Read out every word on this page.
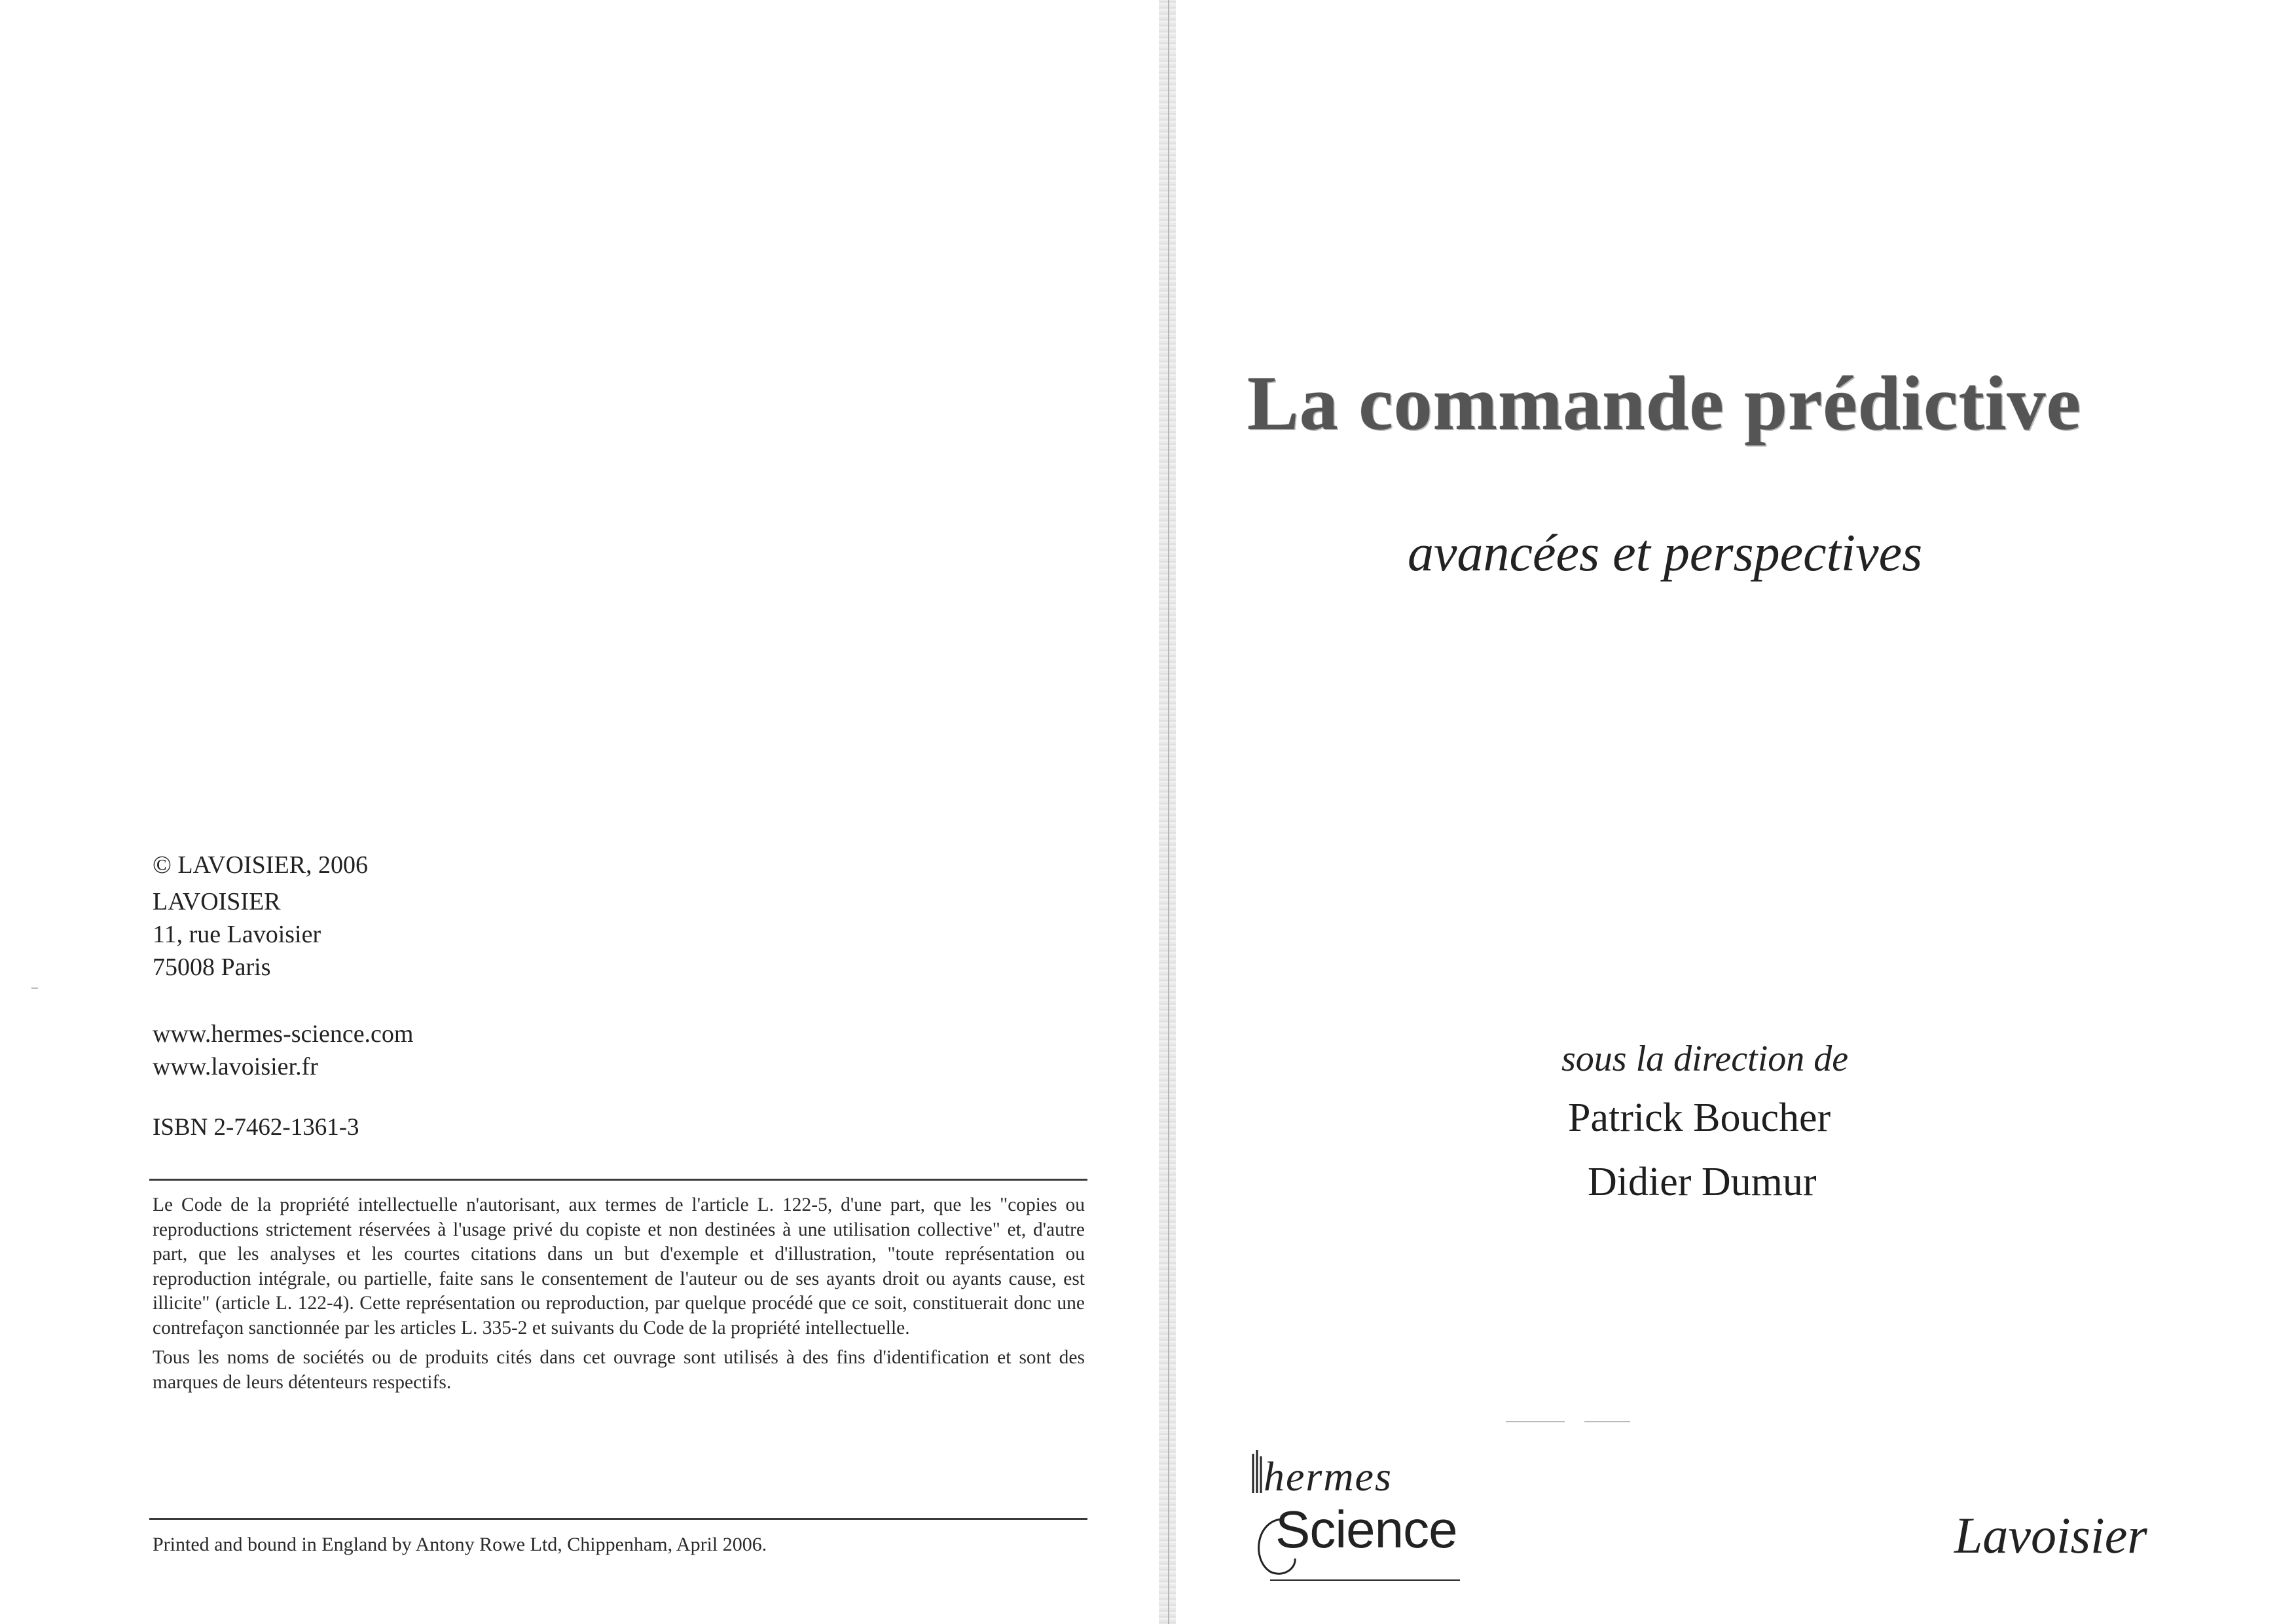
© LAVOISIER, 2006
LAVOISIER
11, rue Lavoisier
75008 Paris
www.hermes-science.com
www.lavoisier.fr
ISBN 2-7462-1361-3

Le Code de la propriété intellectuelle n'autorisant, aux termes de l'article L. 122-5, d'une part, que les "copies ou reproductions strictement réservées à l'usage privé du copiste et non destinées à une utilisation collective" et, d'autre part, que les analyses et les courtes citations dans un but d'exemple et d'illustration, "toute représentation ou reproduction intégrale, ou partielle, faite sans le consentement de l'auteur ou de ses ayants droit ou ayants cause, est illicite" (article L. 122-4). Cette représentation ou reproduction, par quelque procédé que ce soit, constituerait donc une contrefaçon sanctionnée par les articles L. 335-2 et suivants du Code de la propriété intellectuelle.

Tous les noms de sociétés ou de produits cités dans cet ouvrage sont utilisés à des fins d'identification et sont des marques de leurs détenteurs respectifs.

Printed and bound in England by Antony Rowe Ltd, Chippenham, April 2006.
La commande prédictive
avancées et perspectives
sous la direction de
Patrick Boucher
Didier Dumur
hermes
Science	Lavoisier
